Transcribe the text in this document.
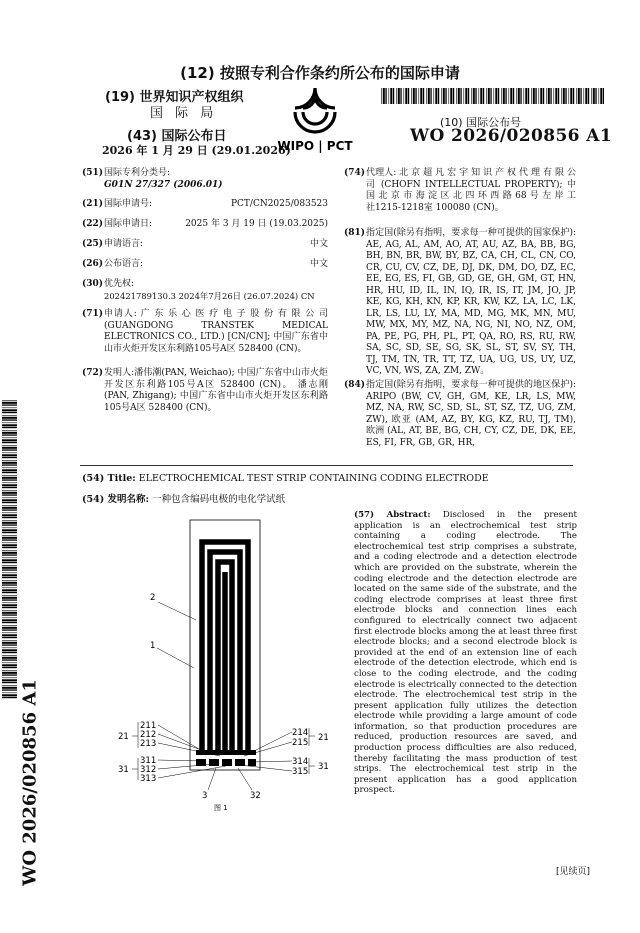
(12) 按照专利合作条约所公布的国际申请
(19) 世界知识产权组织
国 际 局
(43) 国际公布日
2026 年 1 月 29 日 (29.01.2026)
WIPO | PCT
(10) 国际公布号
WO 2026/020856 A1
WO 2026/020856 A1
(51) 国际专利分类号:
G01N 27/327 (2006.01)
(21) 国际申请号:	PCT/CN2025/083523
(22) 国际申请日:	2025 年 3 月 19 日 (19.03.2025)
(25) 申请语言:	中文
(26) 公布语言:	中文
(30) 优先权:
202421789130.3 2024年7月26日 (26.07.2024) CN
(71) 申请人: 广 东 乐 心 医 疗 电 子 股 份 有 限 公 司 (GUANGDONG TRANSTEK MEDICAL ELECTRONICS CO., LTD.) [CN/CN]; 中国广东省中山市火炬开发区东利路105号A区 528400 (CN)。
(72) 发明人:潘伟潮(PAN, Weichao); 中国广东省中山市火炬开发区东利路105号A区 528400 (CN)。 潘志刚 (PAN, Zhigang); 中国广东省中山市火炬开发区东利路105号A区 528400 (CN)。
(74) 代理人: 北 京 超 凡 宏 宇 知 识 产 权 代 理 有 限 公 司 (CHOFN INTELLECTUAL PROPERTY); 中 国 北 京 市 海 淀 区 北 四 环 西 路 68 号 左 岸 工 社1215-1218室 100080 (CN)。
(81) 指定国(除另有指明，要求每一种可提供的国家保护): AE, AG, AL, AM, AO, AT, AU, AZ, BA, BB, BG, BH, BN, BR, BW, BY, BZ, CA, CH, CL, CN, CO, CR, CU, CV, CZ, DE, DJ, DK, DM, DO, DZ, EC, EE, EG, ES, FI, GB, GD, GE, GH, GM, GT, HN, HR, HU, ID, IL, IN, IQ, IR, IS, IT, JM, JO, JP, KE, KG, KH, KN, KP, KR, KW, KZ, LA, LC, LK, LR, LS, LU, LY, MA, MD, MG, MK, MN, MU, MW, MX, MY, MZ, NA, NG, NI, NO, NZ, OM, PA, PE, PG, PH, PL, PT, QA, RO, RS, RU, RW, SA, SC, SD, SE, SG, SK, SL, ST, SV, SY, TH, TJ, TM, TN, TR, TT, TZ, UA, UG, US, UY, UZ, VC, VN, WS, ZA, ZM, ZW。
(84) 指定国(除另有指明，要求每一种可提供的地区保护): ARIPO (BW, CV, GH, GM, KE, LR, LS, MW, MZ, NA, RW, SC, SD, SL, ST, SZ, TZ, UG, ZM, ZW), 欧亚 (AM, AZ, BY, KG, KZ, RU, TJ, TM), 欧洲 (AL, AT, BE, BG, CH, CY, CZ, DE, DK, EE, ES, FI, FR, GB, GR, HR,
(54) Title: ELECTROCHEMICAL TEST STRIP CONTAINING CODING ELECTRODE
(54) 发明名称: 一种包含编码电极的电化学试纸
2
1
21
211
212
213
31
311
312
313
214
215 21
314
315 31
3	32
图 1
(57) Abstract: Disclosed in the present application is an electrochemical test strip containing a coding electrode. The electrochemical test strip comprises a substrate, and a coding electrode and a detection electrode which are provided on the substrate, wherein the coding electrode and the detection electrode are located on the same side of the substrate, and the coding electrode comprises at least three first electrode blocks and connection lines each configured to electrically connect two adjacent first electrode blocks among the at least three first electrode blocks; and a second electrode block is provided at the end of an extension line of each electrode of the detection electrode, which end is close to the coding electrode, and the coding electrode is electrically connected to the detection electrode. The electrochemical test strip in the present application fully utilizes the detection electrode while providing a large amount of code information, so that production procedures are reduced, production resources are saved, and production process difficulties are also reduced, thereby facilitating the mass production of test strips. The electrochemical test strip in the present application has a good application prospect.
[见续页]
